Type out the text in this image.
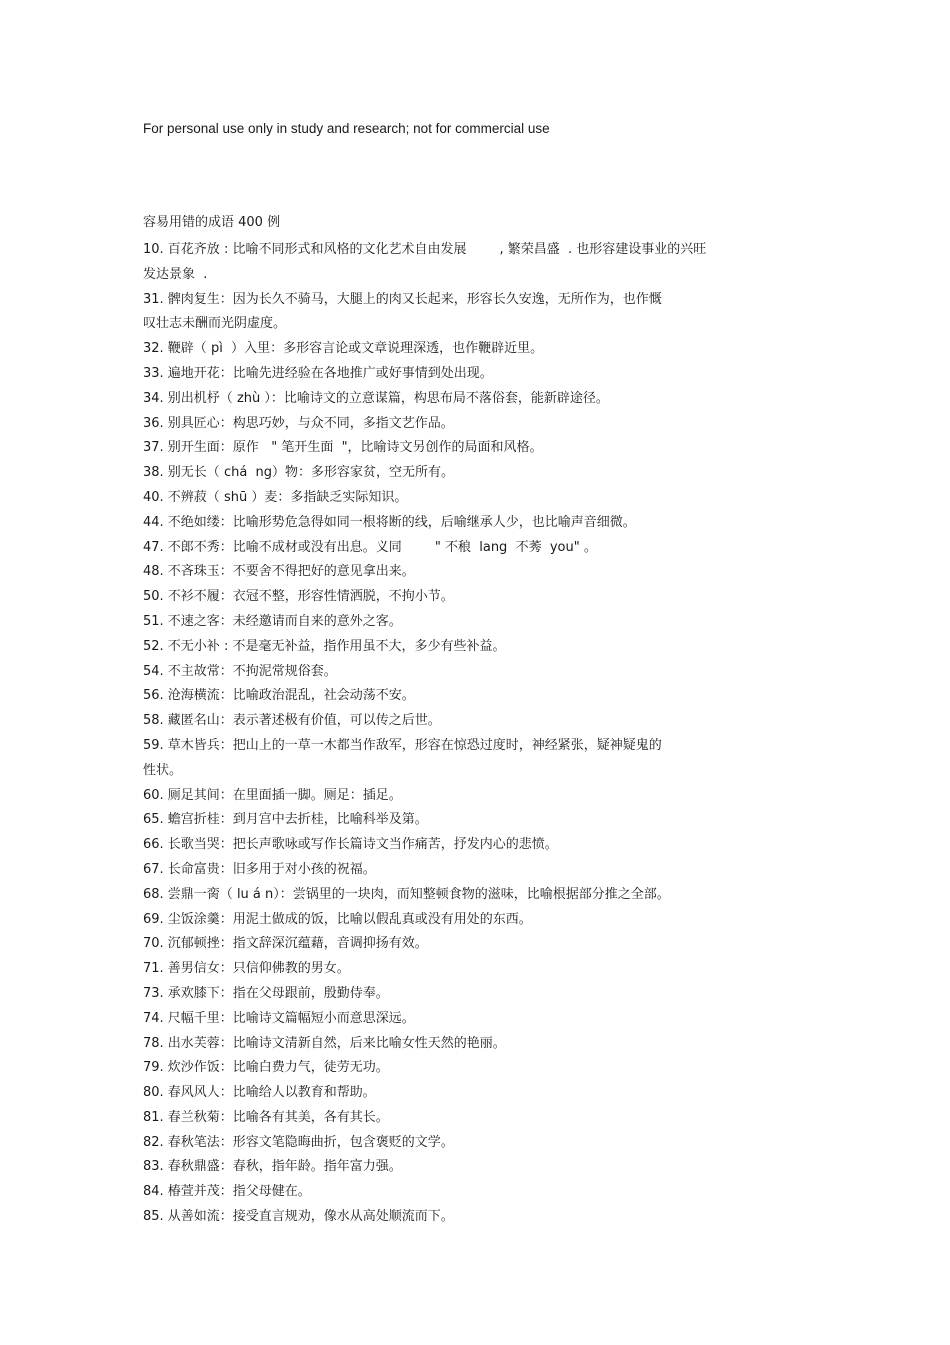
For personal use only in study and research; not for commercial use
容易用错的成语 400 例
10. 百花齐放 : 比喻不同形式和风格的文化艺术自由发展        , 繁荣昌盛  . 也形容建设事业的兴旺
发达景象  .
31. 髀肉复生：因为长久不骑马，大腿上的肉又长起来，形容长久安逸，无所作为，也作慨
叹壮志未酬而光阴虚度。
32. 鞭辟（ pì  ）入里：多形容言论或文章说理深透，也作鞭辟近里。
33. 遍地开花：比喻先进经验在各地推广或好事情到处出现。
34. 别出机杼（ zhù ）：比喻诗文的立意谋篇，构思布局不落俗套，能新辟途径。
36. 别具匠心：构思巧妙，与众不同，多指文艺作品。
37. 别开生面：原作   " 笔开生面  "，比喻诗文另创作的局面和风格。
38. 别无长（ chá  ng）物：多形容家贫，空无所有。
40. 不辨菽（ shū ）麦：多指缺乏实际知识。
44. 不绝如缕：比喻形势危急得如同一根将断的线，后喻继承人少，也比喻声音细微。
47. 不郎不秀：比喻不成材或没有出息。义同        " 不稂  lang  不莠  you" 。
48. 不吝珠玉：不要舍不得把好的意见拿出来。
50. 不衫不履：衣冠不整，形容性情洒脱，不拘小节。
51. 不速之客：未经邀请而自来的意外之客。
52. 不无小补 : 不是毫无补益，指作用虽不大，多少有些补益。
54. 不主故常：不拘泥常规俗套。
56. 沧海横流：比喻政治混乱，社会动荡不安。
58. 藏匿名山：表示著述极有价值，可以传之后世。
59. 草木皆兵：把山上的一草一木都当作敌军，形容在惊恐过度时，神经紧张，疑神疑鬼的
性状。
60. 厕足其间：在里面插一脚。厕足：插足。
65. 蟾宫折桂：到月宫中去折桂，比喻科举及第。
66. 长歌当哭：把长声歌咏或写作长篇诗文当作痛苦，抒发内心的悲愤。
67. 长命富贵：旧多用于对小孩的祝福。
68. 尝鼎一脔（ lu á n）：尝锅里的一块肉，而知整顿食物的滋味，比喻根据部分推之全部。
69. 尘饭涂羹：用泥土做成的饭，比喻以假乱真或没有用处的东西。
70. 沉郁顿挫：指文辞深沉蕴藉，音调抑扬有效。
71. 善男信女：只信仰佛教的男女。
73. 承欢膝下：指在父母跟前，殷勤侍奉。
74. 尺幅千里：比喻诗文篇幅短小而意思深远。
78. 出水芙蓉：比喻诗文清新自然，后来比喻女性天然的艳丽。
79. 炊沙作饭：比喻白费力气，徒劳无功。
80. 春风风人：比喻给人以教育和帮助。
81. 春兰秋菊：比喻各有其美，各有其长。
82. 春秋笔法：形容文笔隐晦曲折，包含褒贬的文学。
83. 春秋鼎盛：春秋，指年龄。指年富力强。
84. 椿萱并茂：指父母健在。
85. 从善如流：接受直言规劝，像水从高处顺流而下。
